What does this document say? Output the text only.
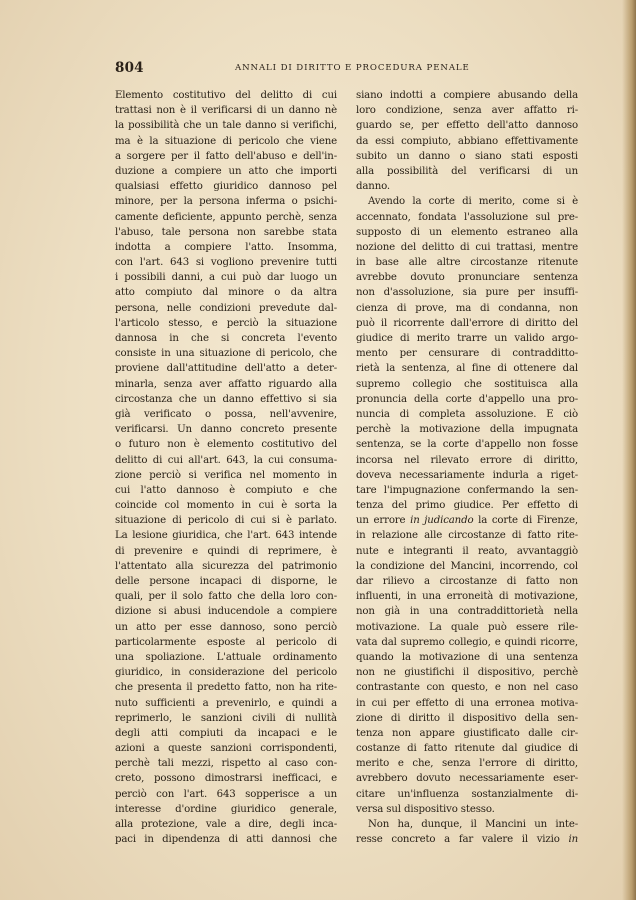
804	ANNALI DI DIRITTO E PROCEDURA PENALE
Elemento costitutivo del delitto di cui
trattasi non è il verificarsi di un danno nè
la possibilità che un tale danno si verifichi,
ma è la situazione di pericolo che viene
a sorgere per il fatto dell'abuso e dell'in-
duzione a compiere un atto che importi
qualsiasi effetto giuridico dannoso pel
minore, per la persona inferma o psichi-
camente deficiente, appunto perchè, senza
l'abuso, tale persona non sarebbe stata
indotta a compiere l'atto. Insomma,
con l'art. 643 si vogliono prevenire tutti
i possibili danni, a cui può dar luogo un
atto compiuto dal minore o da altra
persona, nelle condizioni prevedute dal-
l'articolo stesso, e perciò la situazione
dannosa in che si concreta l'evento
consiste in una situazione di pericolo, che
proviene dall'attitudine dell'atto a deter-
minarla, senza aver affatto riguardo alla
circostanza che un danno effettivo si sia
già verificato o possa, nell'avvenire,
verificarsi. Un danno concreto presente
o futuro non è elemento costitutivo del
delitto di cui all'art. 643, la cui consuma-
zione perciò si verifica nel momento in
cui l'atto dannoso è compiuto e che
coincide col momento in cui è sorta la
situazione di pericolo di cui si è parlato.
La lesione giuridica, che l'art. 643 intende
di prevenire e quindi di reprimere, è
l'attentato alla sicurezza del patrimonio
delle persone incapaci di disporne, le
quali, per il solo fatto che della loro con-
dizione si abusi inducendole a compiere
un atto per esse dannoso, sono perciò
particolarmente esposte al pericolo di
una spoliazione. L'attuale ordinamento
giuridico, in considerazione del pericolo
che presenta il predetto fatto, non ha rite-
nuto sufficienti a prevenirlo, e quindi a
reprimerlo, le sanzioni civili di nullità
degli atti compiuti da incapaci e le
azioni a queste sanzioni corrispondenti,
perchè tali mezzi, rispetto al caso con-
creto, possono dimostrarsi inefficaci, e
perciò con l'art. 643 sopperisce a un
interesse d'ordine giuridico generale,
alla protezione, vale a dire, degli inca-
paci in dipendenza di atti dannosi che
siano indotti a compiere abusando della
loro condizione, senza aver affatto ri-
guardo se, per effetto dell'atto dannoso
da essi compiuto, abbiano effettivamente
subito un danno o siano stati esposti
alla possibilità del verificarsi di un
danno.
Avendo la corte di merito, come si è
accennato, fondata l'assoluzione sul pre-
supposto di un elemento estraneo alla
nozione del delitto di cui trattasi, mentre
in base alle altre circostanze ritenute
avrebbe dovuto pronunciare sentenza
non d'assoluzione, sia pure per insuffi-
cienza di prove, ma di condanna, non
può il ricorrente dall'errore di diritto del
giudice di merito trarre un valido argo-
mento per censurare di contradditto-
rietà la sentenza, al fine di ottenere dal
supremo collegio che sostituisca alla
pronuncia della corte d'appello una pro-
nuncia di completa assoluzione. E ciò
perchè la motivazione della impugnata
sentenza, se la corte d'appello non fosse
incorsa nel rilevato errore di diritto,
doveva necessariamente indurla a riget-
tare l'impugnazione confermando la sen-
tenza del primo giudice. Per effetto di
un errore in judicando la corte di Firenze,
in relazione alle circostanze di fatto rite-
nute e integranti il reato, avvantaggiò
la condizione del Mancini, incorrendo, col
dar rilievo a circostanze di fatto non
influenti, in una erroneità di motivazione,
non già in una contraddittorietà nella
motivazione. La quale può essere rile-
vata dal supremo collegio, e quindi ricorre,
quando la motivazione di una sentenza
non ne giustifichi il dispositivo, perchè
contrastante con questo, e non nel caso
in cui per effetto di una erronea motiva-
zione di diritto il dispositivo della sen-
tenza non appare giustificato dalle cir-
costanze di fatto ritenute dal giudice di
merito e che, senza l'errore di diritto,
avrebbero dovuto necessariamente eser-
citare un'influenza sostanzialmente di-
versa sul dispositivo stesso.
Non ha, dunque, il Mancini un inte-
resse concreto a far valere il vizio in
